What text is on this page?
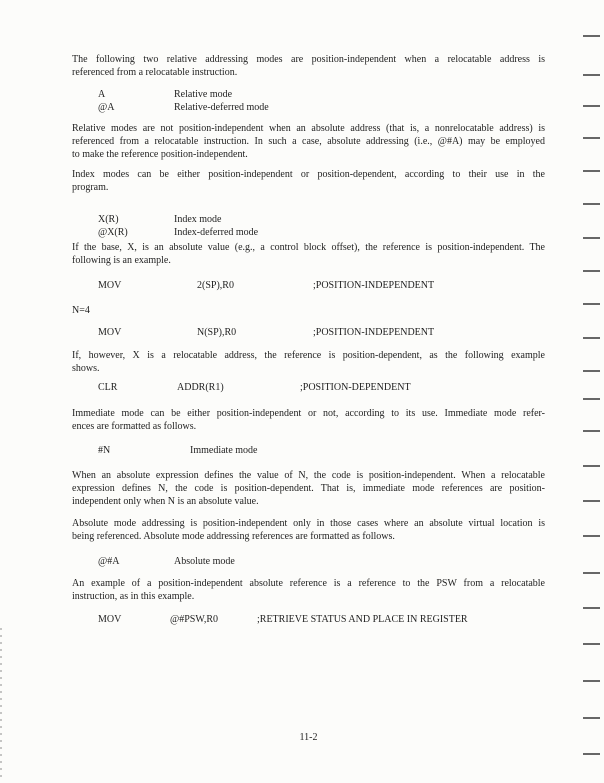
The following two relative addressing modes are position-independent when a relocatable address is
referenced from a relocatable instruction.
A	Relative mode
@A	Relative-deferred mode
Relative modes are not position-independent when an absolute address (that is, a nonrelocatable address) is
referenced from a relocatable instruction. In such a case, absolute addressing (i.e., @#A) may be employed
to make the reference position-independent.
Index modes can be either position-independent or position-dependent, according to their use in the
program.
X(R)	Index mode
@X(R)	Index-deferred mode
If the base, X, is an absolute value (e.g., a control block offset), the reference is position-independent. The
following is an example.
MOV	2(SP),R0	;POSITION-INDEPENDENT
N=4
MOV	N(SP),R0	;POSITION-INDEPENDENT
If, however, X is a relocatable address, the reference is position-dependent, as the following example
shows.
CLR	ADDR(R1)	;POSITION-DEPENDENT
Immediate mode can be either position-independent or not, according to its use. Immediate mode refer-
ences are formatted as follows.
#N	Immediate mode
When an absolute expression defines the value of N, the code is position-independent. When a relocatable
expression defines N, the code is position-dependent. That is, immediate mode references are position-
independent only when N is an absolute value.
Absolute mode addressing is position-independent only in those cases where an absolute virtual location is
being referenced. Absolute mode addressing references are formatted as follows.
@#A	Absolute mode
An example of a position-independent absolute reference is a reference to the PSW from a relocatable
instruction, as in this example.
MOV	@#PSW,R0	;RETRIEVE STATUS AND PLACE IN REGISTER
11-2
